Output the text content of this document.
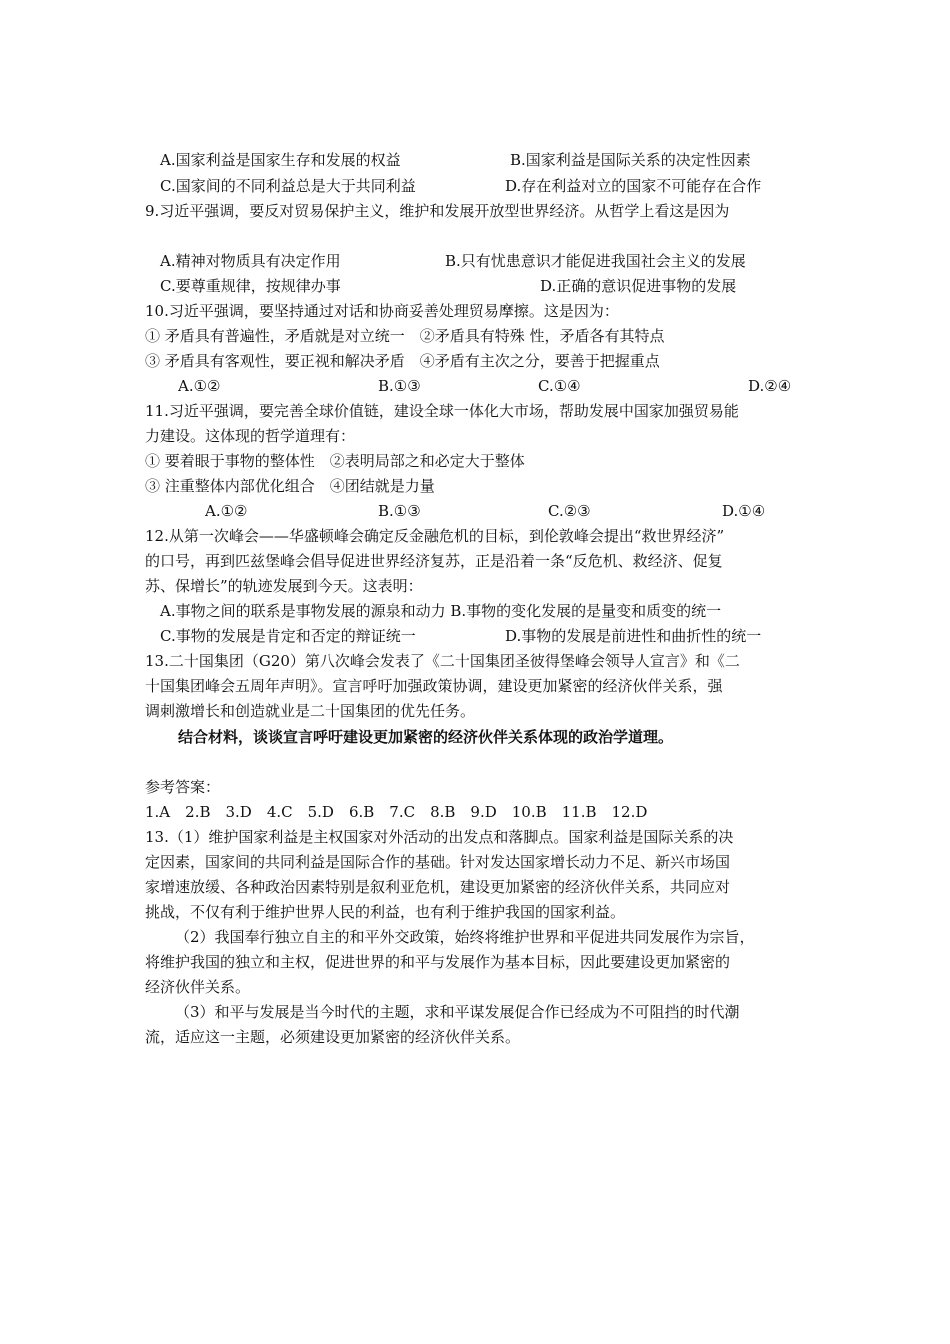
A.国家利益是国家生存和发展的权益	B.国家利益是国际关系的决定性因素
C.国家间的不同利益总是大于共同利益	D.存在利益对立的国家不可能存在合作
9.习近平强调，要反对贸易保护主义，维护和发展开放型世界经济。从哲学上看这是因为
A.精神对物质具有决定作用	B.只有忧患意识才能促进我国社会主义的发展
C.要尊重规律，按规律办事	D.正确的意识促进事物的发展
10.习近平强调，要坚持通过对话和协商妥善处理贸易摩擦。这是因为：
① 矛盾具有普遍性，矛盾就是对立统一　②矛盾具有特殊 性，矛盾各有其特点
③ 矛盾具有客观性，要正视和解决矛盾　④矛盾有主次之分，要善于把握重点
A.①②	B.①③	C.①④	D.②④
11.习近平强调，要完善全球价值链，建设全球一体化大市场，帮助发展中国家加强贸易能
力建设。这体现的哲学道理有：
① 要着眼于事物的整体性　②表明局部之和必定大于整体
③ 注重整体内部优化组合　④团结就是力量
A.①②	B.①③	C.②③	D.①④
12.从第一次峰会——华盛顿峰会确定反金融危机的目标，到伦敦峰会提出“救世界经济”
的口号，再到匹兹堡峰会倡导促进世界经济复苏，正是沿着一条“反危机、救经济、促复
苏、保增长”的轨迹发展到今天。这表明：
A.事物之间的联系是事物发展的源泉和动力 B.事物的变化发展的是量变和质变的统一
C.事物的发展是肯定和否定的辩证统一	D.事物的发展是前进性和曲折性的统一
13.二十国集团（G20）第八次峰会发表了《二十国集团圣彼得堡峰会领导人宣言》和《二
十国集团峰会五周年声明》。宣言呼吁加强政策协调，建设更加紧密的经济伙伴关系，强
调刺激增长和创造就业是二十国集团的优先任务。
结合材料，谈谈宣言呼吁建设更加紧密的经济伙伴关系体现的政治学道理。
参考答案：
1.A　2.B　3.D　4.C　5.D　6.B　7.C　8.B　9.D　10.B　11.B　12.D
13.（1）维护国家利益是主权国家对外活动的出发点和落脚点。国家利益是国际关系的决
定因素，国家间的共同利益是国际合作的基础。针对发达国家增长动力不足、新兴市场国
家增速放缓、各种政治因素特别是叙利亚危机，建设更加紧密的经济伙伴关系，共同应对
挑战，不仅有利于维护世界人民的利益，也有利于维护我国的国家利益。
（2）我国奉行独立自主的和平外交政策，始终将维护世界和平促进共同发展作为宗旨，
将维护我国的独立和主权，促进世界的和平与发展作为基本目标，因此要建设更加紧密的
经济伙伴关系。
（3）和平与发展是当今时代的主题，求和平谋发展促合作已经成为不可阻挡的时代潮
流，适应这一主题，必须建设更加紧密的经济伙伴关系。
